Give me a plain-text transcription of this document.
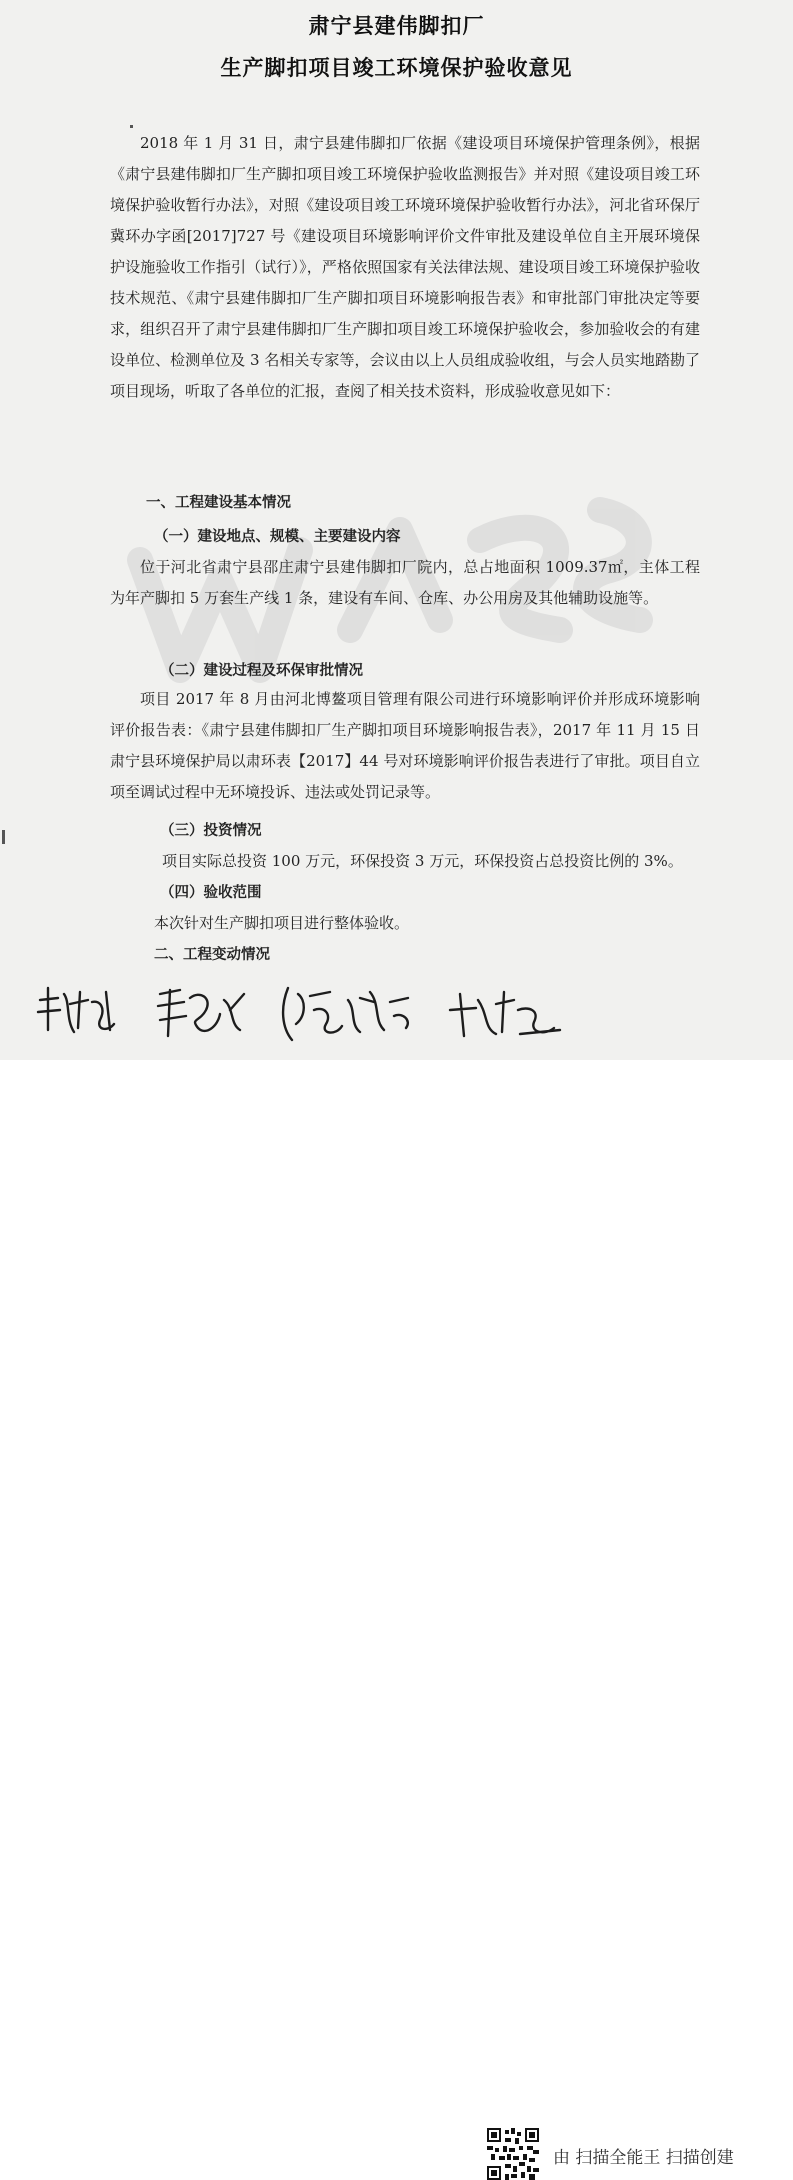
肃宁县建伟脚扣厂
生产脚扣项目竣工环境保护验收意见

2018 年 1 月 31 日，肃宁县建伟脚扣厂依据《建设项目环境保护管理条例》，根据《肃宁县建伟脚扣厂生产脚扣项目竣工环境保护验收监测报告》并对照《建设项目竣工环境保护验收暂行办法》，对照《建设项目竣工环境环境保护验收暂行办法》，河北省环保厅冀环办字函[2017]727 号《建设项目环境影响评价文件审批及建设单位自主开展环境保护设施验收工作指引（试行）》，严格依照国家有关法律法规、建设项目竣工环境保护验收技术规范、《肃宁县建伟脚扣厂生产脚扣项目环境影响报告表》和审批部门审批决定等要求，组织召开了肃宁县建伟脚扣厂生产脚扣项目竣工环境保护验收会，参加验收会的有建设单位、检测单位及 3 名相关专家等，会议由以上人员组成验收组，与会人员实地踏勘了项目现场，听取了各单位的汇报，查阅了相关技术资料，形成验收意见如下：

一、工程建设基本情况
（一）建设地点、规模、主要建设内容

位于河北省肃宁县邵庄肃宁县建伟脚扣厂院内，总占地面积 1009.37㎡，主体工程为年产脚扣 5 万套生产线 1 条，建设有车间、仓库、办公用房及其他辅助设施等。

（二）建设过程及环保审批情况

项目 2017 年 8 月由河北博鳌项目管理有限公司进行环境影响评价并形成环境影响评价报告表：《肃宁县建伟脚扣厂生产脚扣项目环境影响报告表》，2017 年 11 月 15 日肃宁县环境保护局以肃环表【2017】44 号对环境影响评价报告表进行了审批。项目自立项至调试过程中无环境投诉、违法或处罚记录等。

（三）投资情况
项目实际总投资 100 万元，环保投资 3 万元，环保投资占总投资比例的 3%。
（四）验收范围
本次针对生产脚扣项目进行整体验收。
二、工程变动情况
由 扫描全能王 扫描创建
